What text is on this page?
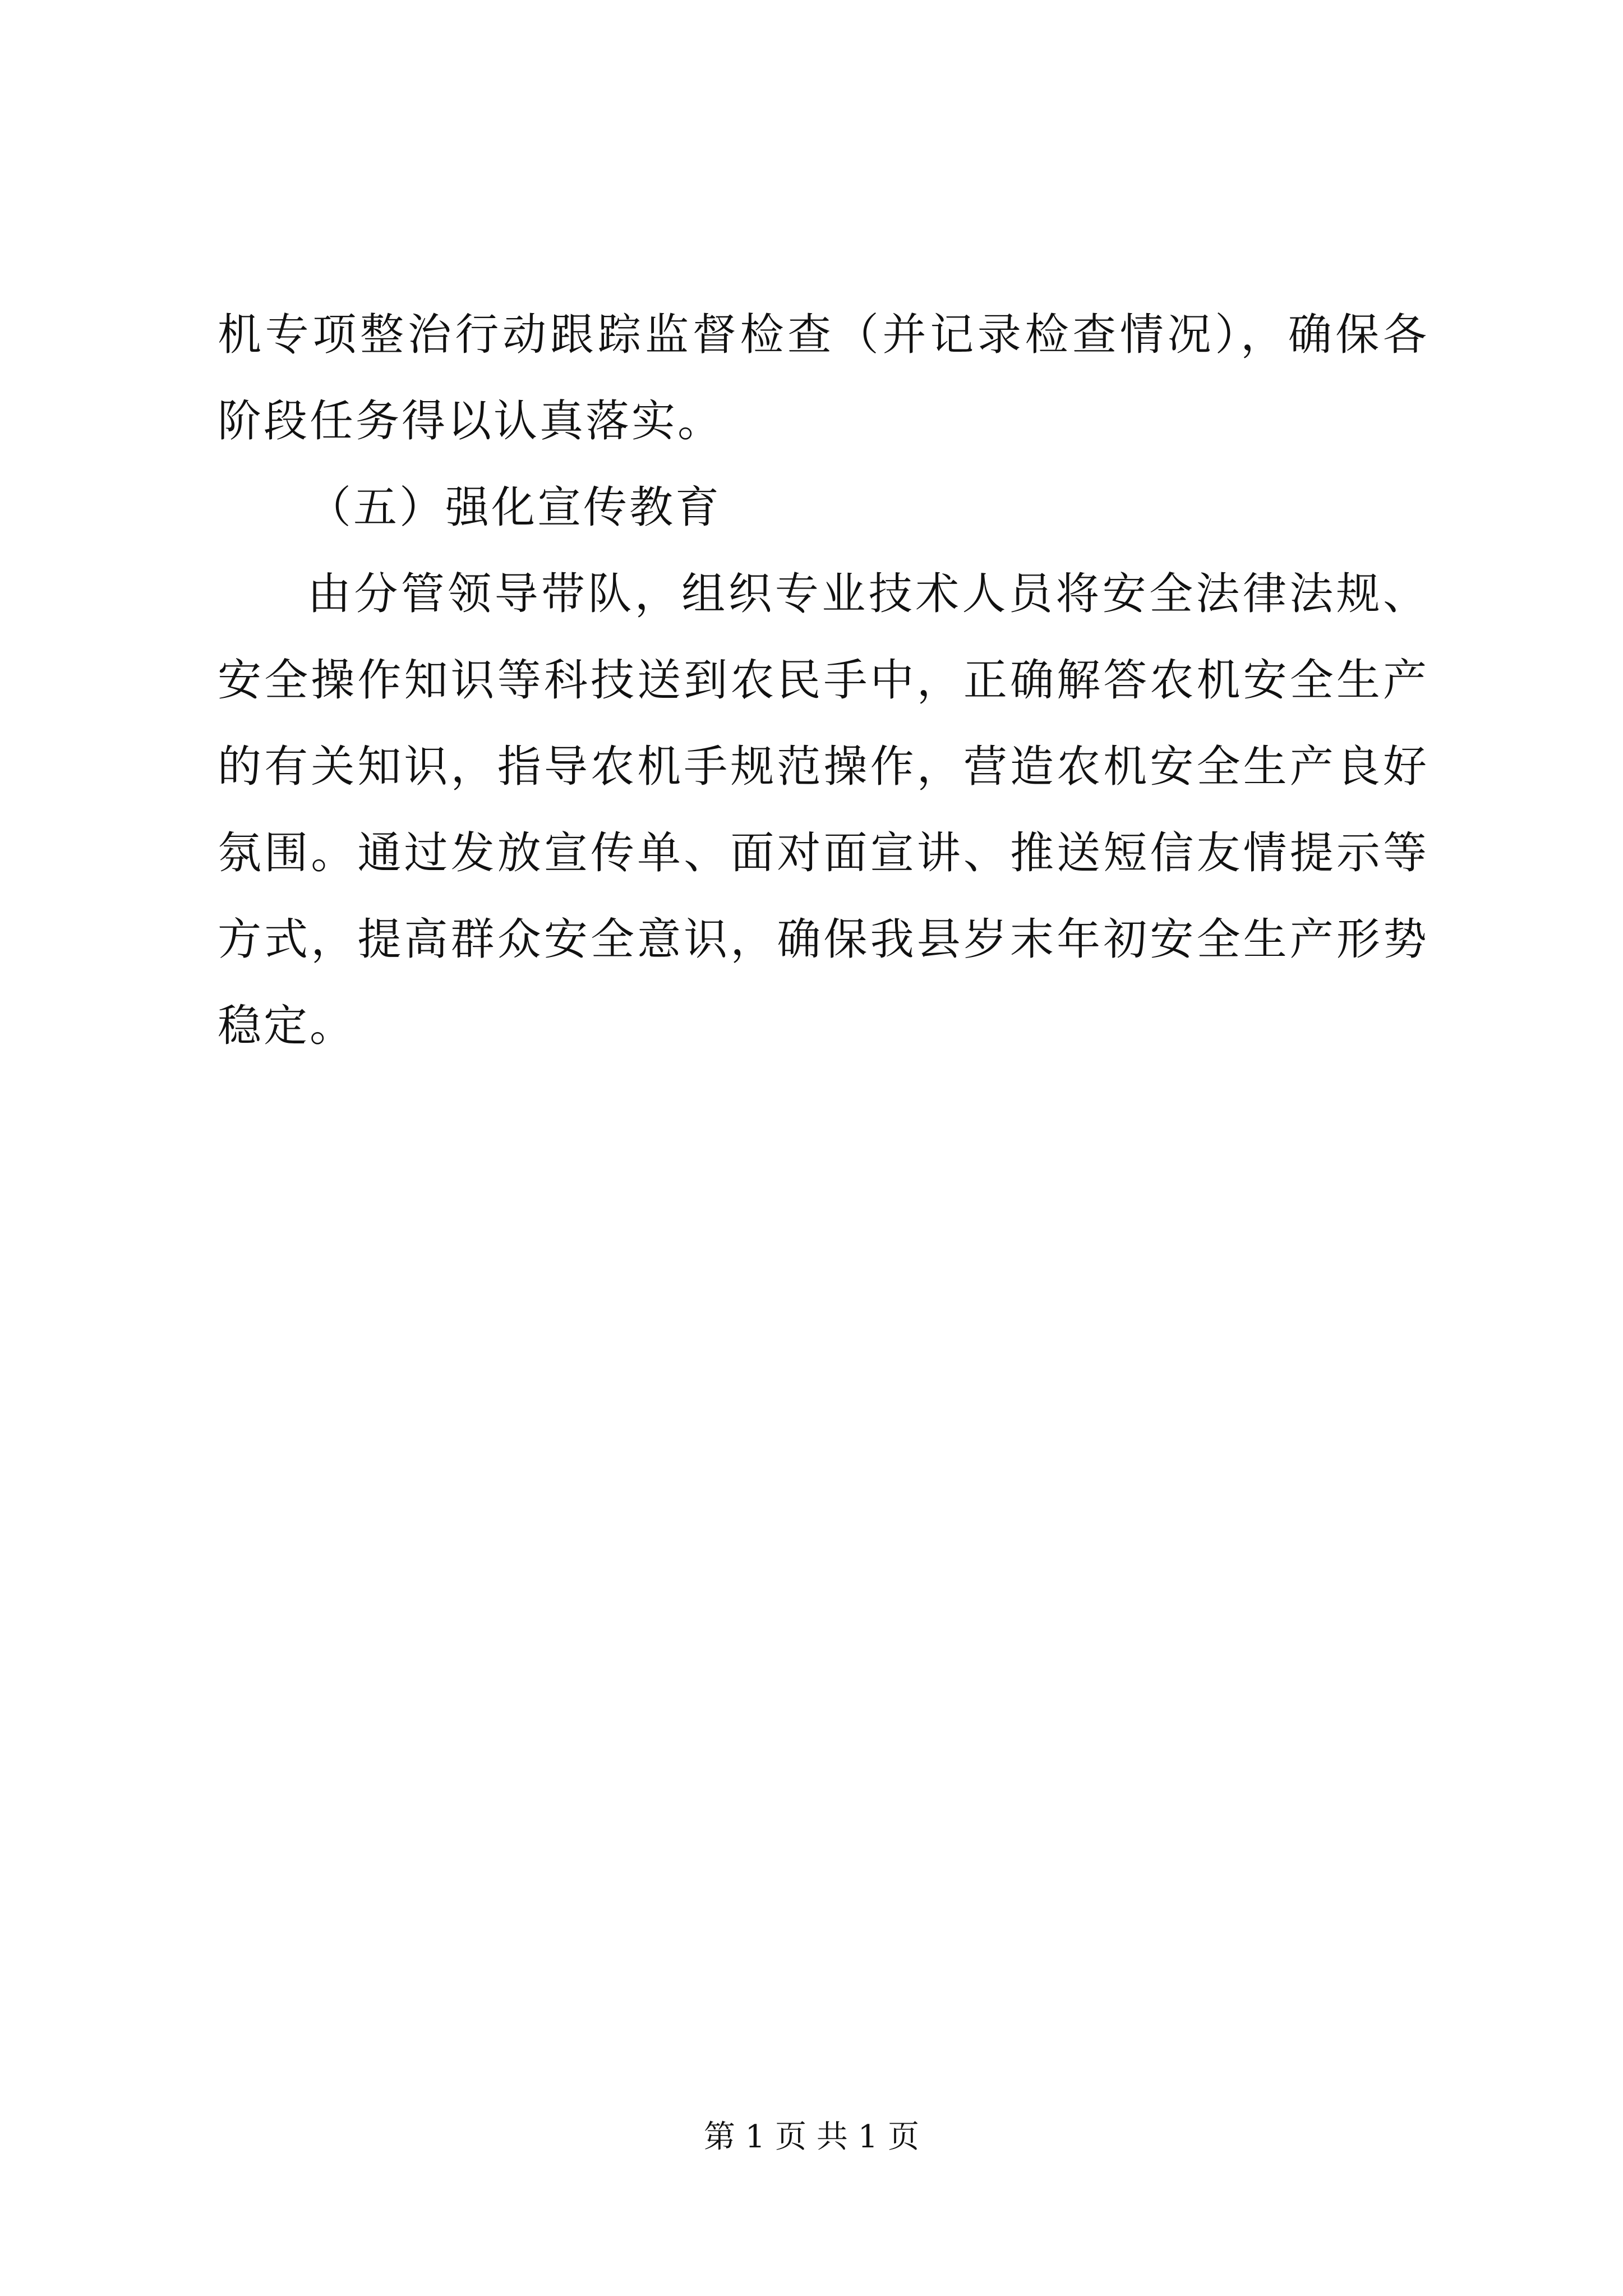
机专项整治行动跟踪监督检查（并记录检查情况），确保各阶段任务得以认真落实。

（五）强化宣传教育

由分管领导带队，组织专业技术人员将安全法律法规、安全操作知识等科技送到农民手中，正确解答农机安全生产的有关知识，指导农机手规范操作，营造农机安全生产良好氛围。通过发放宣传单、面对面宣讲、推送短信友情提示等方式，提高群众安全意识，确保我县岁末年初安全生产形势稳定。

第 1 页 共 1 页
